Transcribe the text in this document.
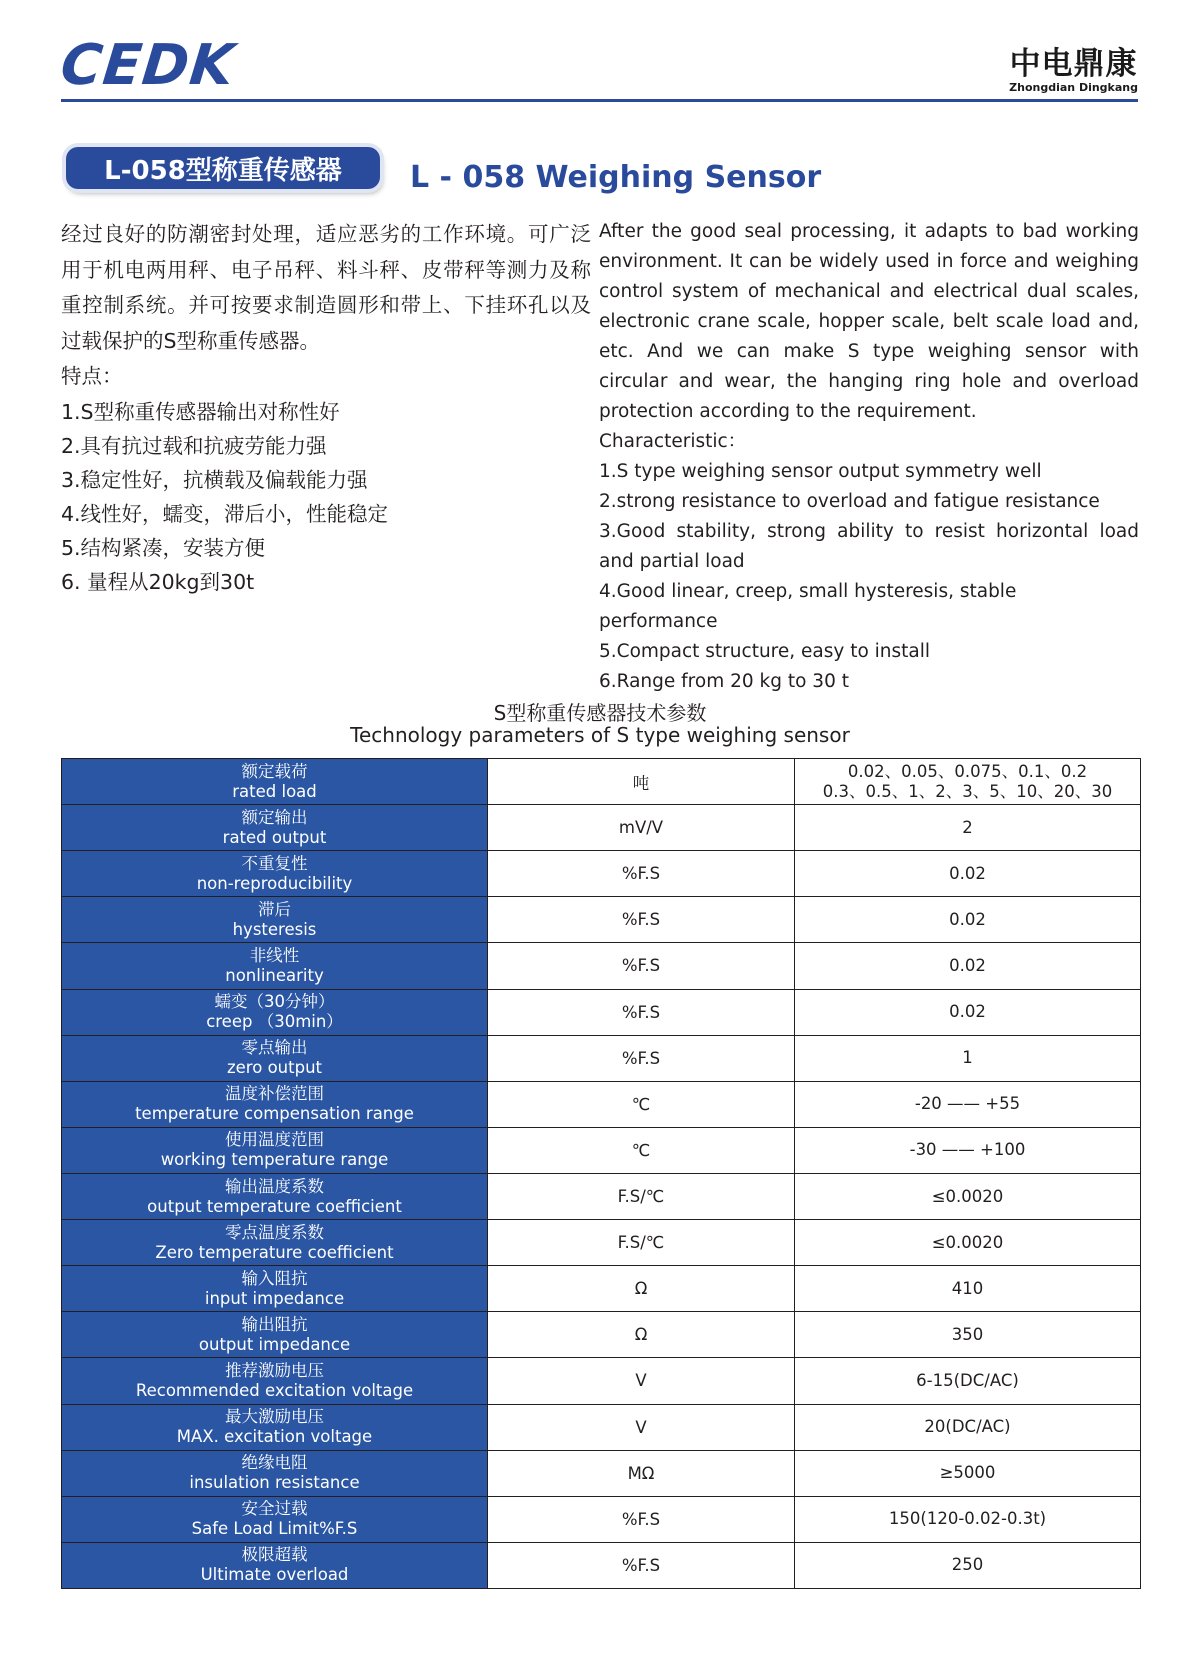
CEDK	中电鼎康
Zhongdian Dingkang
L-058型称重传感器	L - 058 Weighing Sensor

经过良好的防潮密封处理，适应恶劣的工作环境。可广泛用于机电两用秤、电子吊秤、料斗秤、皮带秤等测力及称重控制系统。并可按要求制造圆形和带上、下挂环孔以及过载保护的S型称重传感器。

特点：

1.S型称重传感器输出对称性好

2.具有抗过载和抗疲劳能力强

3.稳定性好，抗横载及偏载能力强

4.线性好，蠕变，滞后小，性能稳定

5.结构紧凑，安装方便

6. 量程从20kg到30t

After the good seal processing, it adapts to bad working environment. It can be widely used in force and weighing control system of mechanical and electrical dual scales, electronic crane scale, hopper scale, belt scale load and, etc. And we can make S type weighing sensor with circular and wear, the hanging ring hole and overload protection according to the requirement.

Characteristic：

1.S type weighing sensor output symmetry well

2.strong resistance to overload and fatigue resistance

3.Good stability, strong ability to resist horizontal load and partial load

4.Good linear, creep, small hysteresis, stable performance

5.Compact structure, easy to install

6.Range from 20 kg to 30 t

S型称重传感器技术参数
Technology parameters of S type weighing sensor
额定载荷
rated load	吨	0.02、0.05、0.075、0.1、0.2
0.3、0.5、1、2、3、5、10、20、30

额定输出
rated output	mV/V	2

不重复性
non-reproducibility	%F.S	0.02

滞后
hysteresis	%F.S	0.02

非线性
nonlinearity	%F.S	0.02

蠕变（30分钟）
creep （30min）	%F.S	0.02

零点输出
zero output	%F.S	1

温度补偿范围
temperature compensation range	℃	-20 —— +55

使用温度范围
working temperature range	℃	-30 —— +100

输出温度系数
output temperature coefficient	F.S/℃	≤0.0020

零点温度系数
Zero temperature coefficient	F.S/℃	≤0.0020

输入阻抗
input impedance	Ω	410

输出阻抗
output impedance	Ω	350

推荐激励电压
Recommended excitation voltage	V	6-15(DC/AC)

最大激励电压
MAX. excitation voltage	V	20(DC/AC)

绝缘电阻
insulation resistance	MΩ	≥5000

安全过载
Safe Load Limit%F.S	%F.S	150(120-0.02-0.3t)

极限超载
Ultimate overload	%F.S	250
